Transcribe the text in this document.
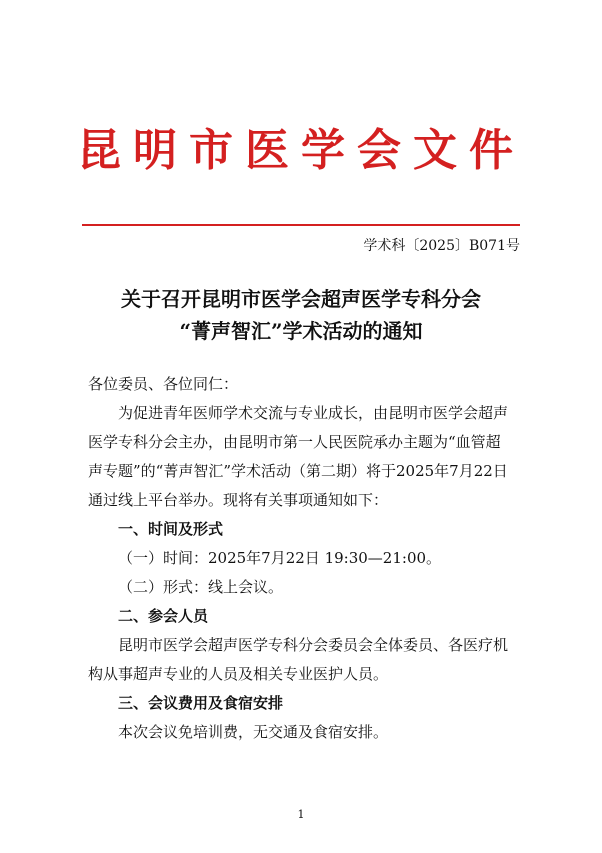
昆明市医学会文件
学术科〔2025〕B071号
关于召开昆明市医学会超声医学专科分会
“菁声智汇”学术活动的通知

各位委员、各位同仁：

为促进青年医师学术交流与专业成长，由昆明市医学会超声医学专科分会主办，由昆明市第一人民医院承办主题为“血管超声专题”的“菁声智汇”学术活动（第二期）将于2025年7月22日通过线上平台举办。现将有关事项通知如下：

一、时间及形式

（一）时间：2025年7月22日 19:30—21:00。

（二）形式：线上会议。

二、参会人员

昆明市医学会超声医学专科分会委员会全体委员、各医疗机构从事超声专业的人员及相关专业医护人员。

三、会议费用及食宿安排

本次会议免培训费，无交通及食宿安排。

1
